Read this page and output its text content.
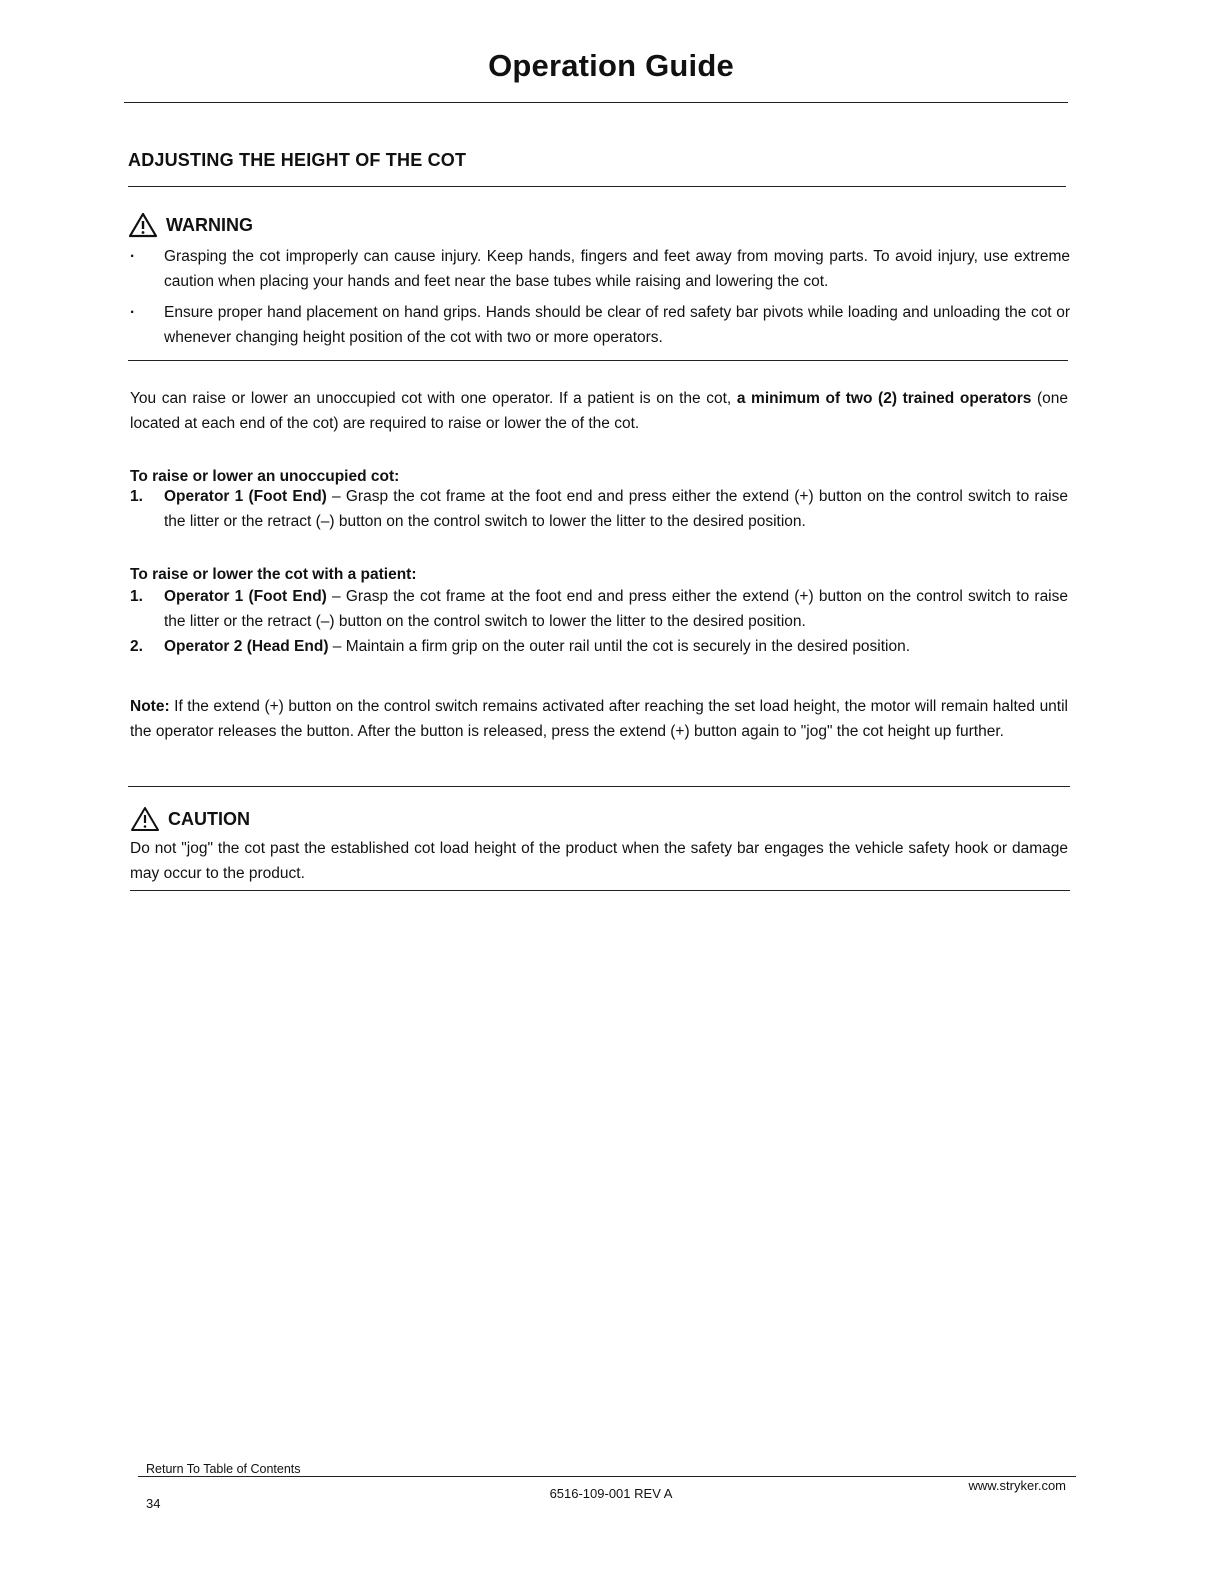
Operation Guide
ADJUSTING THE HEIGHT OF THE COT
WARNING
· Grasping the cot improperly can cause injury. Keep hands, fingers and feet away from moving parts. To avoid injury, use extreme caution when placing your hands and feet near the base tubes while raising and lowering the cot.
· Ensure proper hand placement on hand grips. Hands should be clear of red safety bar pivots while loading and unloading the cot or whenever changing height position of the cot with two or more operators.

You can raise or lower an unoccupied cot with one operator. If a patient is on the cot, a minimum of two (2) trained operators (one located at each end of the cot) are required to raise or lower the of the cot.

To raise or lower an unoccupied cot:
1. Operator 1 (Foot End) – Grasp the cot frame at the foot end and press either the extend (+) button on the control switch to raise the litter or the retract (–) button on the control switch to lower the litter to the desired position.
To raise or lower the cot with a patient:
1. Operator 1 (Foot End) – Grasp the cot frame at the foot end and press either the extend (+) button on the control switch to raise the litter or the retract (–) button on the control switch to lower the litter to the desired position.
2. Operator 2 (Head End) – Maintain a firm grip on the outer rail until the cot is securely in the desired position.

Note: If the extend (+) button on the control switch remains activated after reaching the set load height, the motor will remain halted until the operator releases the button. After the button is released, press the extend (+) button again to "jog" the cot height up further.

CAUTION

Do not "jog" the cot past the established cot load height of the product when the safety bar engages the vehicle safety hook or damage may occur to the product.

Return To Table of Contents
34
6516-109-001 REV A
www.stryker.com
